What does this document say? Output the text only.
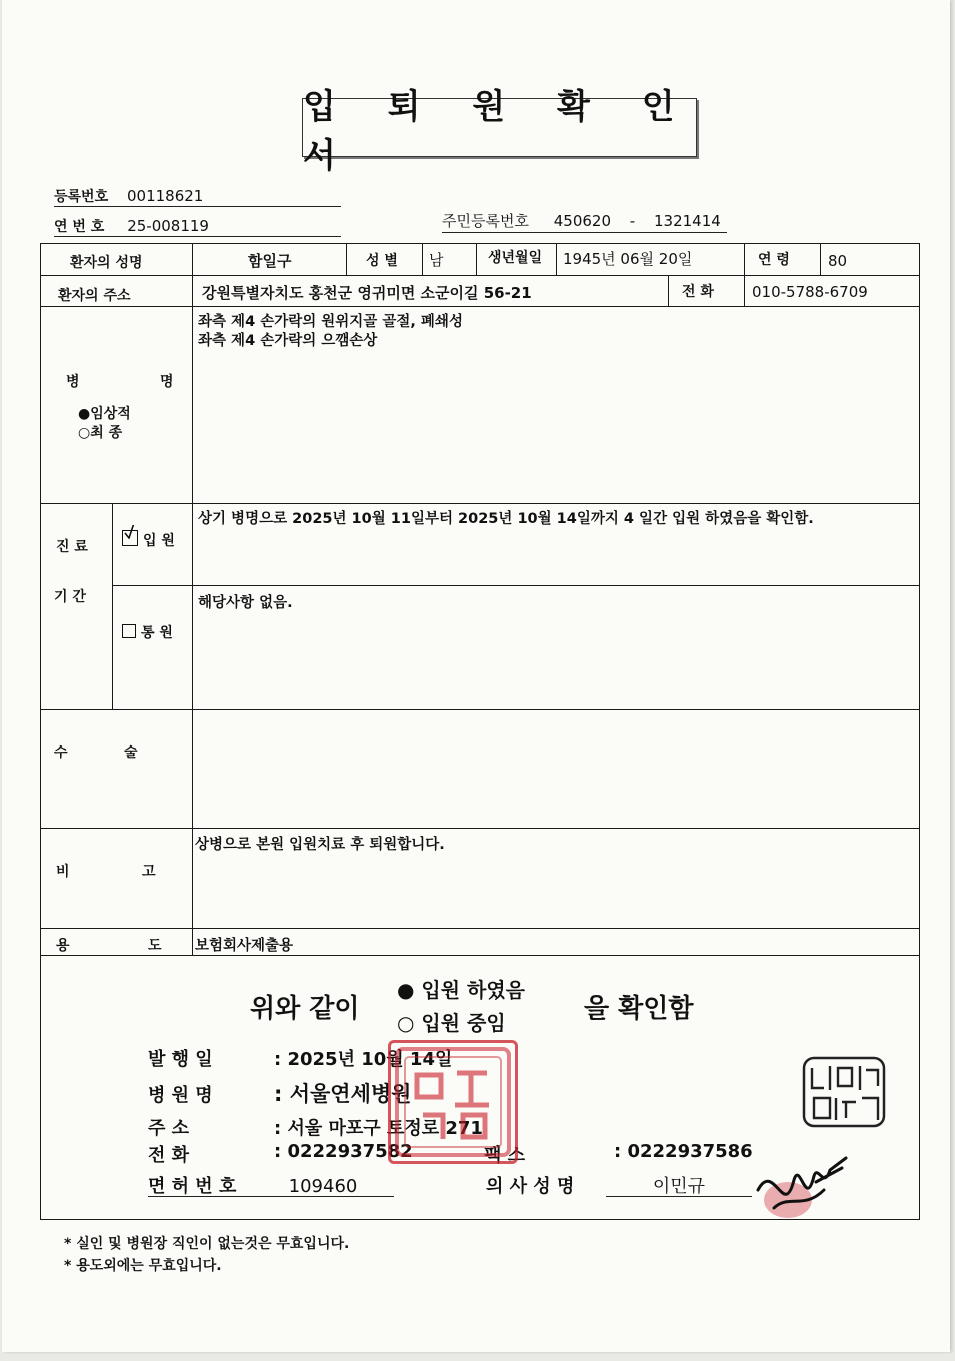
입 퇴 원 확 인 서
등록번호 00118621
연 번 호 25-008119	주민등록번호 450620 - 1321414
환자의 성명	함일구	성 별 남	생년월일 1945년 06월 20일	연 령	80
환자의 주소	강원특별자치도 홍천군 영귀미면 소군이길 56-21	전 화	010-5788-6709
병	명
●임상적
○최 종
좌측 제4 손가락의 원위지골 골절, 폐쇄성
좌측 제4 손가락의 으깸손상
진 료
기 간
입 원
상기 병명으로 2025년 10월 11일부터 2025년 10월 14일까지 4 일간 입원 하였음을 확인함.
통 원
해당사항 없음.
수	술
비	고
상병으로 본원 입원치료 후 퇴원합니다.
용	도 보험회사제출용
위와 같이
● 입원 하였음
○ 입원 중임	을 확인함
발 행 일	: 2025년 10월 14일
병 원 명	: 서울연세병원
주 소	: 서울 마포구 토정로 271
전 화	: 0222937582	팩 스	: 0222937586
면 허 번 호	109460	의 사 성 명	이민규
* 실인 및 병원장 직인이 없는것은 무효입니다.
* 용도외에는 무효입니다.
